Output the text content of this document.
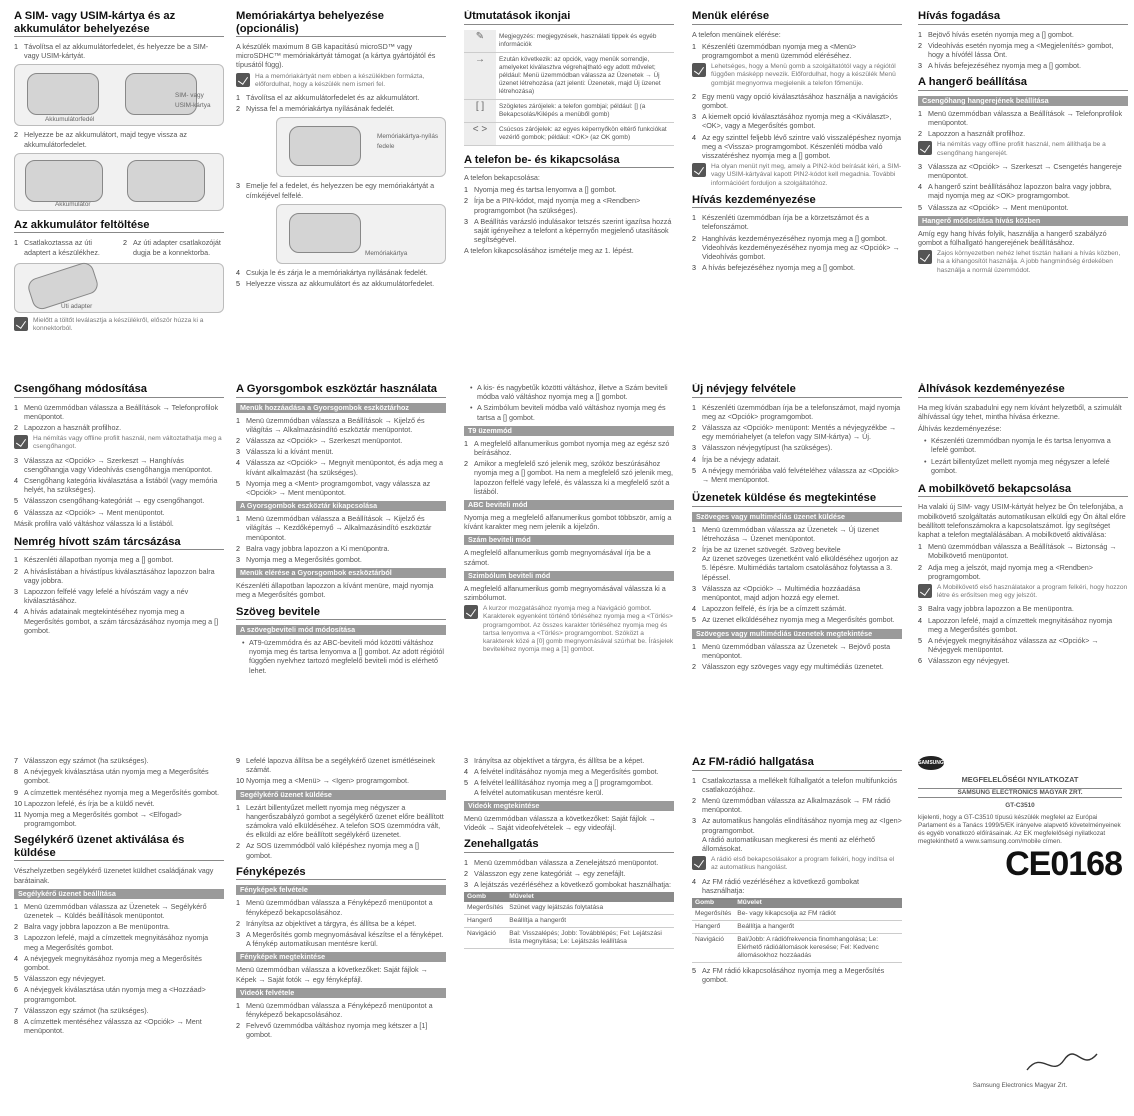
A SIM- vagy USIM-kártya és az akkumulátor behelyezése
1 Távolítsa el az akkumulátorfedelet, és helyezze be a SIM- vagy USIM-kártyát.
Akkumulátorfedél
SIM- vagy USIM-kártya
2 Helyezze be az akkumulátort, majd tegye vissza az akkumulátorfedelet.
Akkumulátor
Az akkumulátor feltöltése
1 Csatlakoztassa az úti adaptert a készülékhez.
2 Az úti adapter csatlakozóját dugja be a konnektorba.
Úti adapter
Mielőtt a töltőt leválasztja a készülékről, először húzza ki a konnektorból.
Memóriakártya behelyezése (opcionális)
A készülék maximum 8 GB kapacitású microSD™ vagy microSDHC™ memóriakártyát támogat (a kártya gyártójától és típusától függ).
Ha a memóriakártyát nem ebben a készülékben formázta, előfordulhat, hogy a készülék nem ismeri fel.
1 Távolítsa el az akkumulátorfedelet és az akkumulátort.
2 Nyissa fel a memóriakártya nyílásának fedelét.
Memóriakártya-nyílás fedele
3 Emelje fel a fedelet, és helyezzen be egy memóriakártyát a címkéjével felfelé.
Memóriakártya
4 Csukja le és zárja le a memóriakártya nyílásának fedelét.
5 Helyezze vissza az akkumulátort és az akkumulátorfedelet.
Útmutatások ikonjai
✎	Megjegyzés: megjegyzések, használati tippek és egyéb információk
→	Ezután következik: az opciók, vagy menük sorrendje, amelyeket kiválasztva végrehajtható egy adott művelet; például: Menü üzemmódban válassza az Üzenetek → Új üzenet létrehozása (azt jelenti: Üzenetek, majd Új üzenet létrehozása)
[ ]	Szögletes zárójelek: a telefon gombjai; például: [] (a Bekapcsolás/Kilépés a menüből gomb)
< >	Csúcsos zárójelek: az egyes képernyőkön eltérő funkciókat vezérlő gombok; például: <OK> (az OK gomb)
A telefon be- és kikapcsolása
A telefon bekapcsolása:
1 Nyomja meg és tartsa lenyomva a [] gombot.
2 Írja be a PIN-kódot, majd nyomja meg a <Rendben> programgombot (ha szükséges).
3 A Beállítás varázsló indulásakor tetszés szerint igazítsa hozzá saját igényeihez a telefont a képernyőn megjelenő utasítások segítségével.
A telefon kikapcsolásához ismételje meg az 1. lépést.
Menük elérése
A telefon menüinek elérése:
1 Készenléti üzemmódban nyomja meg a <Menü> programgombot a menü üzemmód eléréséhez.
Lehetséges, hogy a Menü gomb a szolgáltatótól vagy a régiótól függően másképp nevezik. Előfordulhat, hogy a készülék Menü gombját megnyomva megjelenik a telefon főmenüje.
2 Egy menü vagy opció kiválasztásához használja a navigációs gombot.
3 A kiemelt opció kiválasztásához nyomja meg a <Kiválaszt>, <OK>, vagy a Megerősítés gombot.
4 Az egy szinttel feljebb lévő szintre való visszalépéshez nyomja meg a <Vissza> programgombot. Készenléti módba való visszatéréshez nyomja meg a [] gombot.
Ha olyan menüt nyit meg, amely a PIN2-kód beírását kéri, a SIM- vagy USIM-kártyával kapott PIN2-kódot kell megadnia. További információért forduljon a szolgáltatóhoz.
Hívás kezdeményezése
1 Készenléti üzemmódban írja be a körzetszámot és a telefonszámot.
2 Hanghívás kezdeményezéséhez nyomja meg a [] gombot. Videohívás kezdeményezéséhez nyomja meg az <Opciók> → Videohívás gombot.
3 A hívás befejezéséhez nyomja meg a [] gombot.
Hívás fogadása
1 Bejövő hívás esetén nyomja meg a [] gombot.
2 Videohívás esetén nyomja meg a <Megjelenítés> gombot, hogy a hívófél lássa Önt.
3 A hívás befejezéséhez nyomja meg a [] gombot.
A hangerő beállítása
Csengőhang hangerejének beállítása
1 Menü üzemmódban válassza a Beállítások → Telefonprofilok menüpontot.
2 Lapozzon a használt profilhoz.
Ha némítás vagy offline profilt használ, nem állíthatja be a csengőhang hangerejét.
3 Válassza az <Opciók> → Szerkeszt → Csengetés hangereje menüpontot.
4 A hangerő szint beállításához lapozzon balra vagy jobbra, majd nyomja meg az <OK> programgombot.
5 Válassza az <Opciók> → Ment menüpontot.
Hangerő módosítása hívás közben
Amíg egy hang hívás folyik, használja a hangerő szabályzó gombot a fülhallgató hangerejének beállításához.
Zajos környezetben nehéz lehet tisztán hallani a hívás közben, ha a kihangosítót használja. A jobb hangminőség érdekében használja a normál üzemmódot.
Csengőhang módosítása
1 Menü üzemmódban válassza a Beállítások → Telefonprofilok menüpontot.
2 Lapozzon a használt profilhoz.
Ha némítás vagy offline profilt használ, nem változtathatja meg a csengőhangot.
3 Válassza az <Opciók> → Szerkeszt → Hanghívás csengőhangja vagy Videohívás csengőhangja menüpontot.
4 Csengőhang kategória kiválasztása a listából (vagy memória helyét, ha szükséges).
5 Válasszon csengőhang-kategóriát → egy csengőhangot.
6 Válassza az <Opciók> → Ment menüpontot.
Másik profilra való váltáshoz válassza ki a listából.
Nemrég hívott szám tárcsázása
1 Készenléti állapotban nyomja meg a [] gombot.
2 A híváslistában a hívástípus kiválasztásához lapozzon balra vagy jobbra.
3 Lapozzon felfelé vagy lefelé a hívószám vagy a név kiválasztásához.
4 A hívás adatainak megtekintéséhez nyomja meg a Megerősítés gombot, a szám tárcsázásához nyomja meg a [] gombot.
A Gyorsgombok eszköztár használata
Menük hozzáadása a Gyorsgombok eszköztárhoz
1 Menü üzemmódban válassza a Beállítások → Kijelző és világítás → Alkalmazásindító eszköztár menüpontot.
2 Válassza az <Opciók> → Szerkeszt menüpontot.
3 Válassza ki a kívánt menüt.
4 Válassza az <Opciók> → Megnyit menüpontot, és adja meg a kívánt alkalmazást (ha szükséges).
5 Nyomja meg a <Ment> programgombot, vagy válassza az <Opciók> → Ment menüpontot.
A Gyorsgombok eszköztár kikapcsolása
1 Menü üzemmódban válassza a Beállítások → Kijelző és világítás → Kezdőképernyő → Alkalmazásindító eszköztár menüpontot.
2 Balra vagy jobbra lapozzon a Ki menüpontra.
3 Nyomja meg a Megerősítés gombot.
Menük elérése a Gyorsgombok eszköztárból
Készenléti állapotban lapozzon a kívánt menüre, majd nyomja meg a Megerősítés gombot.
Szöveg bevitele
A szövegbeviteli mód módosítása
• AT9-üzemmódra és az ABC-beviteli mód közötti váltáshoz nyomja meg és tartsa lenyomva a [] gombot. Az adott régiótól függően nyelvhez tartozó megfelelő beviteli mód is elérhető lehet.
• A kis- és nagybetűk közötti váltáshoz, illetve a Szám beviteli módba való váltáshoz nyomja meg a [] gombot.
• A Szimbólum beviteli módba való váltáshoz nyomja meg és tartsa a [] gombot.
T9 üzemmód
1 A megfelelő alfanumerikus gombot nyomja meg az egész szó beírásához.
2 Amikor a megfelelő szó jelenik meg, szóköz beszúrásához nyomja meg a [] gombot. Ha nem a megfelelő szó jelenik meg, lapozzon felfelé vagy lefelé, és válassza ki a megfelelő szót a listából.
ABC beviteli mód
Nyomja meg a megfelelő alfanumerikus gombot többször, amíg a kívánt karakter meg nem jelenik a kijelzőn.
Szám beviteli mód
A megfelelő alfanumerikus gomb megnyomásával írja be a számot.
Szimbólum beviteli mód
A megfelelő alfanumerikus gomb megnyomásával válassza ki a szimbólumot.
A kurzor mozgatásához nyomja meg a Navigáció gombot. Karakterek egyenként történő törléséhez nyomja meg a <Törlés> programgombot. Az összes karakter törléséhez nyomja meg és tartsa lenyomva a <Törlés> programgombot. Szóközt a karakterek közé a [0] gomb megnyomásával szúrhat be. Írásjelek beviteléhez nyomja meg a [1] gombot.
Új névjegy felvétele
1 Készenléti üzemmódban írja be a telefonszámot, majd nyomja meg az <Opciók> programgombot.
2 Válassza az <Opciók> menüpont: Mentés a névjegyzékbe → egy memóriahelyet (a telefon vagy SIM-kártya) → Új.
3 Válasszon névjegytípust (ha szükséges).
4 Írja be a névjegy adatait.
5 A névjegy memóriába való felvételéhez válassza az <Opciók> → Ment menüpontot.
Üzenetek küldése és megtekintése
Szöveges vagy multimédiás üzenet küldése
1 Menü üzemmódban válassza az Üzenetek → Új üzenet létrehozása → Üzenet menüpontot.
2 Írja be az üzenet szövegét. Szöveg bevitele
Az üzenet szöveges üzenetként való elküldéséhez ugorjon az 5. lépésre. Multimédiás tartalom csatolásához folytassa a 3. lépéssel.
3 Válassza az <Opciók> → Multimédia hozzáadása menüpontot, majd adjon hozzá egy elemet.
4 Lapozzon felfelé, és írja be a címzett számát.
5 Az üzenet elküldéséhez nyomja meg a Megerősítés gombot.
Szöveges vagy multimédiás üzenetek megtekintése
1 Menü üzemmódban válassza az Üzenetek → Bejövő posta menüpontot.
2 Válasszon egy szöveges vagy egy multimédiás üzenetet.
Álhívások kezdeményezése
Ha meg kíván szabadulni egy nem kívánt helyzetből, a szimulált álhívással úgy tehet, mintha hívása érkezne.
Álhívás kezdeményezése:
• Készenléti üzemmódban nyomja le és tartsa lenyomva a lefelé gombot.
• Lezárt billentyűzet mellett nyomja meg négyszer a lefelé gombot.
A mobilkövető bekapcsolása
Ha valaki új SIM- vagy USIM-kártyát helyez be Ön telefonjába, a mobilkövető szolgáltatás automatikusan elküldi egy Ön által előre beállított telefonszámokra a kapcsolatszámot. Így segítséget kaphat a telefon megtalálásában. A mobilkövető aktiválása:
1 Menü üzemmódban válassza a Beállítások → Biztonság → Mobilkövető menüpontot.
2 Adja meg a jelszót, majd nyomja meg a <Rendben> programgombot.
A Mobilkövető első használatakor a program felkéri, hogy hozzon létre és erősítsen meg egy jelszót.
3 Balra vagy jobbra lapozzon a Be menüpontra.
4 Lapozzon lefelé, majd a címzettek megnyitásához nyomja meg a Megerősítés gombot.
5 A névjegyek megnyitásához válassza az <Opciók> → Névjegyek menüpontot.
6 Válasszon egy névjegyet.
7 Válasszon egy számot (ha szükséges).
8 A névjegyek kiválasztása után nyomja meg a Megerősítés gombot.
9 A címzettek mentéséhez nyomja meg a Megerősítés gombot.
10 Lapozzon lefelé, és írja be a küldő nevét.
11 Nyomja meg a Megerősítés gombot → <Elfogad> programgombot.
Segélykérő üzenet aktiválása és küldése
Vészhelyzetben segélykérő üzenetet küldhet családjának vagy barátainak.
Segélykérő üzenet beállítása
1 Menü üzemmódban válassza az Üzenetek → Segélykérő üzenetek → Küldés beállítások menüpontot.
2 Balra vagy jobbra lapozzon a Be menüpontra.
3 Lapozzon lefelé, majd a címzettek megnyitásához nyomja meg a Megerősítés gombot.
4 A névjegyek megnyitásához nyomja meg a Megerősítés gombot.
5 Válasszon egy névjegyet.
6 A névjegyek kiválasztása után nyomja meg a <Hozzáad> programgombot.
7 Válasszon egy számot (ha szükséges).
8 A címzettek mentéséhez válassza az <Opciók> → Ment menüpontot.
9 Lefelé lapozva állítsa be a segélykérő üzenet ismétléseinek számát.
10 Nyomja meg a <Menü> → <Igen> programgombot.
Segélykérő üzenet küldése
1 Lezárt billentyűzet mellett nyomja meg négyszer a hangerőszabályzó gombot a segélykérő üzenet előre beállított számokra való elküldéséhez. A telefon SOS üzemmódra vált, és elküldi az előre beállított segélykérő üzenetet.
2 Az SOS üzemmódból való kilépéshez nyomja meg a [] gombot.
Fényképezés
Fényképek felvétele
1 Menü üzemmódban válassza a Fényképező menüpontot a fényképező bekapcsolásához.
2 Irányítsa az objektívet a tárgyra, és állítsa be a képet.
3 A Megerősítés gomb megnyomásával készítse el a fényképet.
A fénykép automatikusan mentésre kerül.
Fényképek megtekintése
Menü üzemmódban válassza a következőket: Saját fájlok → Képek → Saját fotók → egy fényképfájl.
Videók felvétele
1 Menü üzemmódban válassza a Fényképező menüpontot a fényképező bekapcsolásához.
2 Felvevő üzemmódba váltáshoz nyomja meg kétszer a [1] gombot.
3 Irányítsa az objektívet a tárgyra, és állítsa be a képet.
4 A felvétel indításához nyomja meg a Megerősítés gombot.
5 A felvétel leállításához nyomja meg a [] programgombot.
A felvétel automatikusan mentésre kerül.
Videók megtekintése
Menü üzemmódban válassza a következőket: Saját fájlok → Videók → Saját videofelvételek → egy videofájl.
Zenehallgatás
1 Menü üzemmódban válassza a Zenelejátszó menüpontot.
2 Válasszon egy zene kategóriát → egy zenefájlt.
3 A lejátszás vezérléséhez a következő gombokat használhatja:
Gomb	Művelet
Megerősítés	Szünet vagy lejátszás folytatása
Hangerő	Beállítja a hangerőt
Navigáció	Bal: Visszalépés; Jobb: Továbblépés; Fel: Lejátszási lista megnyitása; Le: Lejátszás leállítása
Az FM-rádió hallgatása
1 Csatlakoztassa a mellékelt fülhallgatót a telefon multifunkciós csatlakozójához.
2 Menü üzemmódban válassza az Alkalmazások → FM rádió menüpontot.
3 Az automatikus hangolás elindításához nyomja meg az <Igen> programgombot.
A rádió automatikusan megkeresi és menti az elérhető állomásokat.
A rádió első bekapcsolásakor a program felkéri, hogy indítsa el az automatikus hangolást.
4 Az FM rádió vezérléséhez a következő gombokat használhatja:
Gomb	Művelet
Megerősítés	Be- vagy kikapcsolja az FM rádiót
Hangerő	Beállítja a hangerőt
Navigáció	Bal/Jobb: A rádiófrekvencia finomhangolása; Le: Elérhető rádióállomások keresése; Fel: Kedvenc állomásokhoz hozzáadás
5 Az FM rádió kikapcsolásához nyomja meg a Megerősítés gombot.
SAMSUNG ELECTRONICS	MEGFELELŐSÉGI NYILATKOZAT
SAMSUNG ELECTRONICS MAGYAR ZRT.
GT-C3510
kijelenti, hogy a GT-C3510 típusú készülék megfelel az Európai Parlament és a Tanács 1999/5/EK irányelve alapvető követelményeinek és egyéb vonatkozó előírásainak. Az EK megfelelőségi nyilatkozat megtekinthető a www.samsung.com/mobile címen.
CE0168
Samsung Electronics Magyar Zrt.
